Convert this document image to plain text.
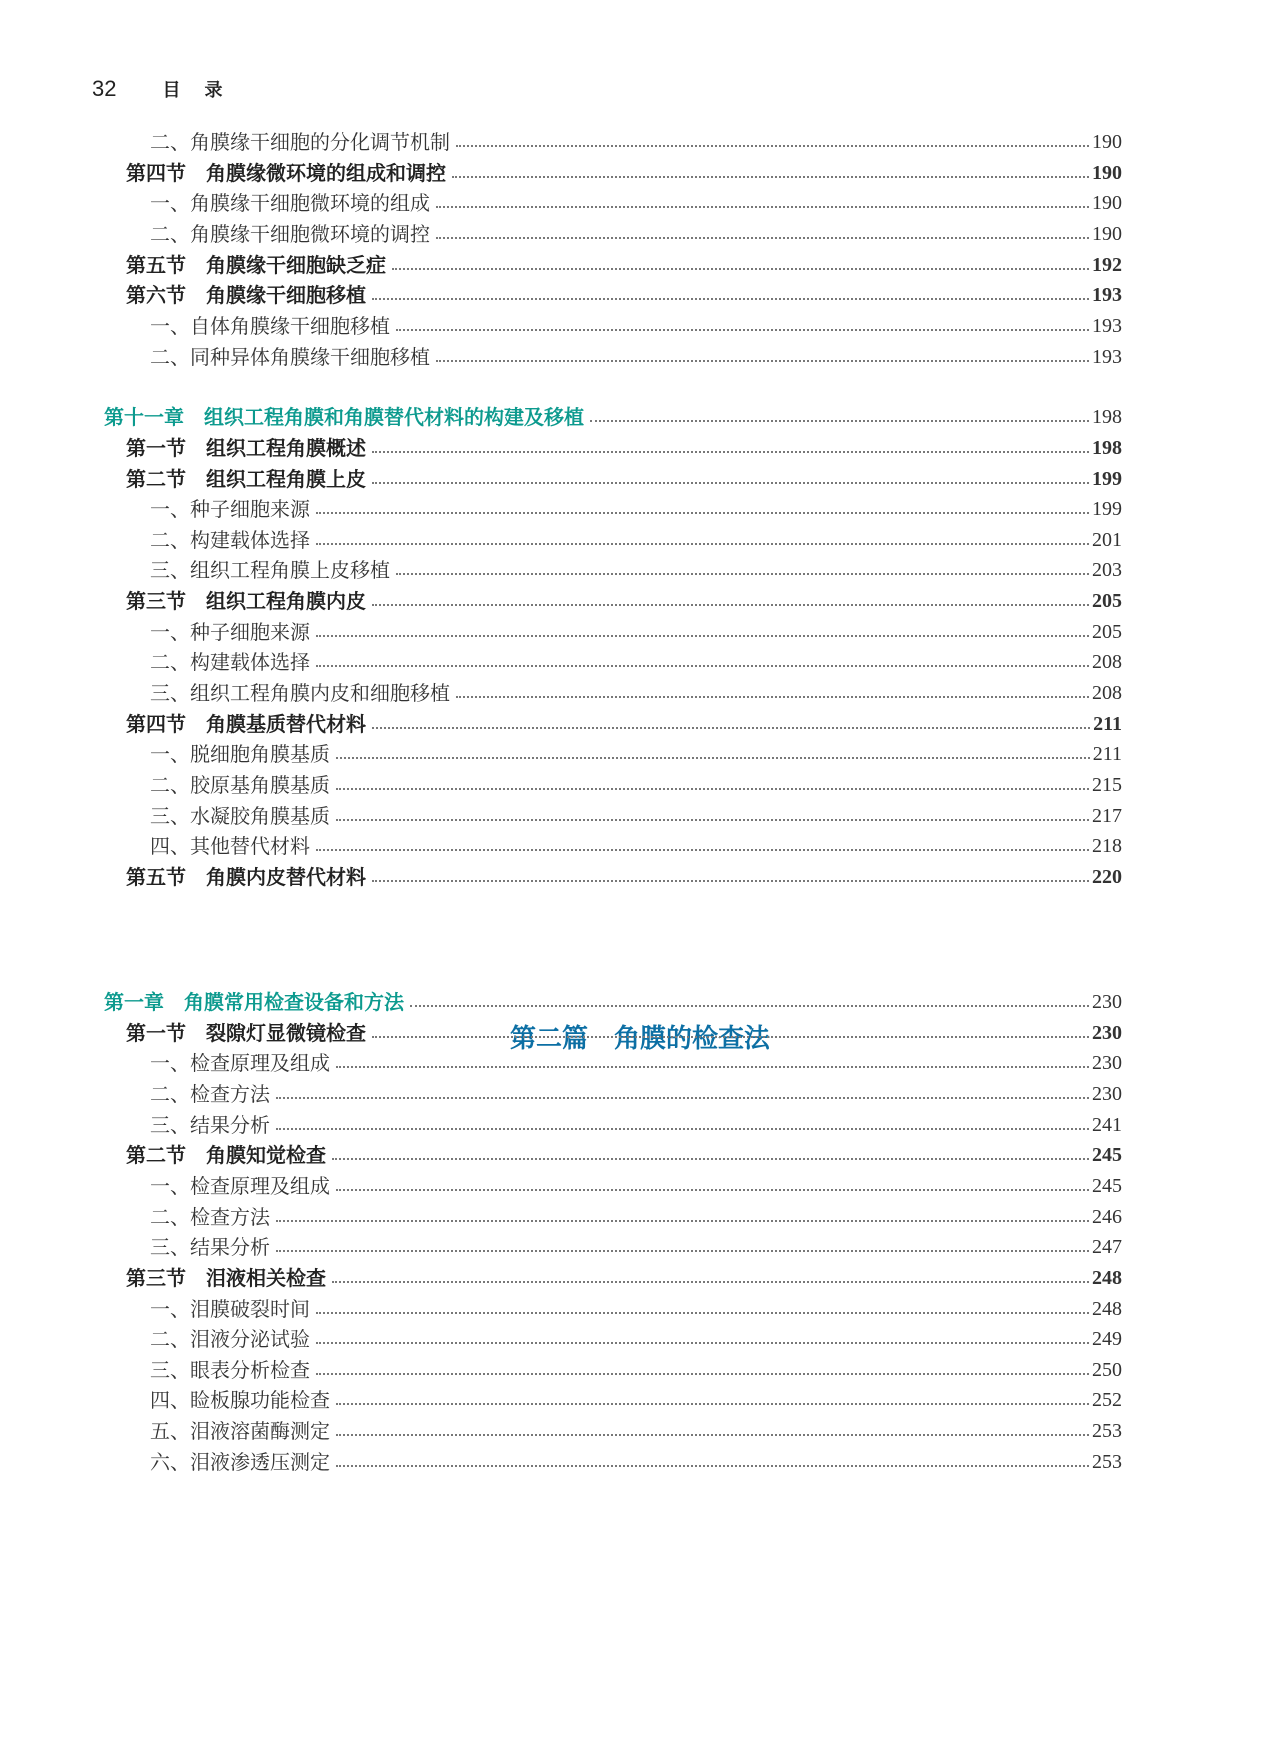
32	目录
二、角膜缘干细胞的分化调节机制	190
第四节　角膜缘微环境的组成和调控	190
一、角膜缘干细胞微环境的组成	190
二、角膜缘干细胞微环境的调控	190
第五节　角膜缘干细胞缺乏症	192
第六节　角膜缘干细胞移植	193
一、自体角膜缘干细胞移植	193
二、同种异体角膜缘干细胞移植	193
第十一章　组织工程角膜和角膜替代材料的构建及移植	198
第一节　组织工程角膜概述	198
第二节　组织工程角膜上皮	199
一、种子细胞来源	199
二、构建载体选择	201
三、组织工程角膜上皮移植	203
第三节　组织工程角膜内皮	205
一、种子细胞来源	205
二、构建载体选择	208
三、组织工程角膜内皮和细胞移植	208
第四节　角膜基质替代材料	211
一、脱细胞角膜基质	211
二、胶原基角膜基质	215
三、水凝胶角膜基质	217
四、其他替代材料	218
第五节　角膜内皮替代材料	220
第二篇　角膜的检查法
第一章　角膜常用检查设备和方法	230
第一节　裂隙灯显微镜检查	230
一、检查原理及组成	230
二、检查方法	230
三、结果分析	241
第二节　角膜知觉检查	245
一、检查原理及组成	245
二、检查方法	246
三、结果分析	247
第三节　泪液相关检查	248
一、泪膜破裂时间	248
二、泪液分泌试验	249
三、眼表分析检查	250
四、睑板腺功能检查	252
五、泪液溶菌酶测定	253
六、泪液渗透压测定	253
